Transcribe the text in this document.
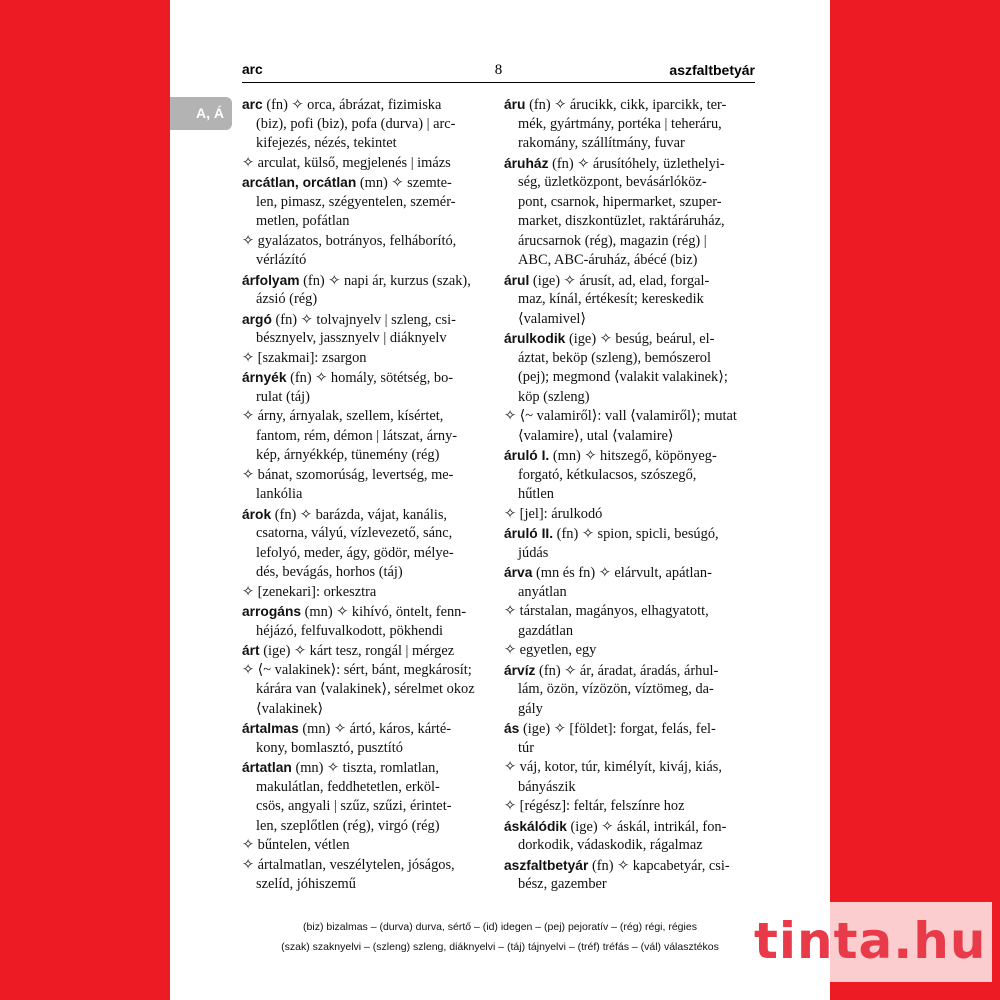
arc	8	aszfaltbetyár
A, Á
arc (fn) ✧ orca, ábrázat, fizimiska
(biz), pofi (biz), pofa (durva) | arc-
kifejezés, nézés, tekintet
✧ arculat, külső, megjelenés | imázs
arcátlan, orcátlan (mn) ✧ szemte-
len, pimasz, szégyentelen, szemér-
metlen, pofátlan
✧ gyalázatos, botrányos, felháborító,
vérlázító
árfolyam (fn) ✧ napi ár, kurzus (szak),
ázsió (rég)
argó (fn) ✧ tolvajnyelv | szleng, csi-
bésznyelv, jassznyelv | diáknyelv
✧ [szakmai]: zsargon
árnyék (fn) ✧ homály, sötétség, bo-
rulat (táj)
✧ árny, árnyalak, szellem, kísértet,
fantom, rém, démon | látszat, árny-
kép, árnyékkép, tünemény (rég)
✧ bánat, szomorúság, levertség, me-
lankólia
árok (fn) ✧ barázda, vájat, kanális,
csatorna, vályú, vízlevezető, sánc,
lefolyó, meder, ágy, gödör, mélye-
dés, bevágás, horhos (táj)
✧ [zenekari]: orkesztra
arrogáns (mn) ✧ kihívó, öntelt, fenn-
héjázó, felfuvalkodott, pökhendi
árt (ige) ✧ kárt tesz, rongál | mérgez
✧ ⟨~ valakinek⟩: sért, bánt, megkárosít;
kárára van ⟨valakinek⟩, sérelmet okoz
⟨valakinek⟩
ártalmas (mn) ✧ ártó, káros, kárté-
kony, bomlasztó, pusztító
ártatlan (mn) ✧ tiszta, romlatlan,
makulátlan, feddhetetlen, erköl-
csös, angyali | szűz, szűzi, érintet-
len, szeplőtlen (rég), virgó (rég)
✧ bűntelen, vétlen
✧ ártalmatlan, veszélytelen, jóságos,
szelíd, jóhiszemű
áru (fn) ✧ árucikk, cikk, iparcikk, ter-
mék, gyártmány, portéka | teheráru,
rakomány, szállítmány, fuvar
áruház (fn) ✧ árusítóhely, üzlethelyi-
ség, üzletközpont, bevásárlóköz-
pont, csarnok, hipermarket, szuper-
market, diszkontüzlet, raktáráruház,
árucsarnok (rég), magazin (rég) |
ABC, ABC-áruház, ábécé (biz)
árul (ige) ✧ árusít, ad, elad, forgal-
maz, kínál, értékesít; kereskedik
⟨valamivel⟩
árulkodik (ige) ✧ besúg, beárul, el-
áztat, beköp (szleng), bemószerol
(pej); megmond ⟨valakit valakinek⟩;
köp (szleng)
✧ ⟨~ valamiről⟩: vall ⟨valamiről⟩; mutat
⟨valamire⟩, utal ⟨valamire⟩
áruló I. (mn) ✧ hitszegő, köpönyeg-
forgató, kétkulacsos, szószegő,
hűtlen
✧ [jel]: árulkodó
áruló II. (fn) ✧ spion, spicli, besúgó,
júdás
árva (mn és fn) ✧ elárvult, apátlan-
anyátlan
✧ társtalan, magányos, elhagyatott,
gazdátlan
✧ egyetlen, egy
árvíz (fn) ✧ ár, áradat, áradás, árhul-
lám, özön, vízözön, víztömeg, da-
gály
ás (ige) ✧ [földet]: forgat, felás, fel-
túr
✧ váj, kotor, túr, kimélyít, kiváj, kiás,
bányászik
✧ [régész]: feltár, felszínre hoz
áskálódik (ige) ✧ áskál, intrikál, fon-
dorkodik, vádaskodik, rágalmaz
aszfaltbetyár (fn) ✧ kapcabetyár, csi-
bész, gazember
(biz) bizalmas – (durva) durva, sértő – (id) idegen – (pej) pejoratív – (rég) régi, régies
(szak) szaknyelvi – (szleng) szleng, diáknyelvi – (táj) tájnyelvi – (tréf) tréfás – (vál) választékos tinta.hu
